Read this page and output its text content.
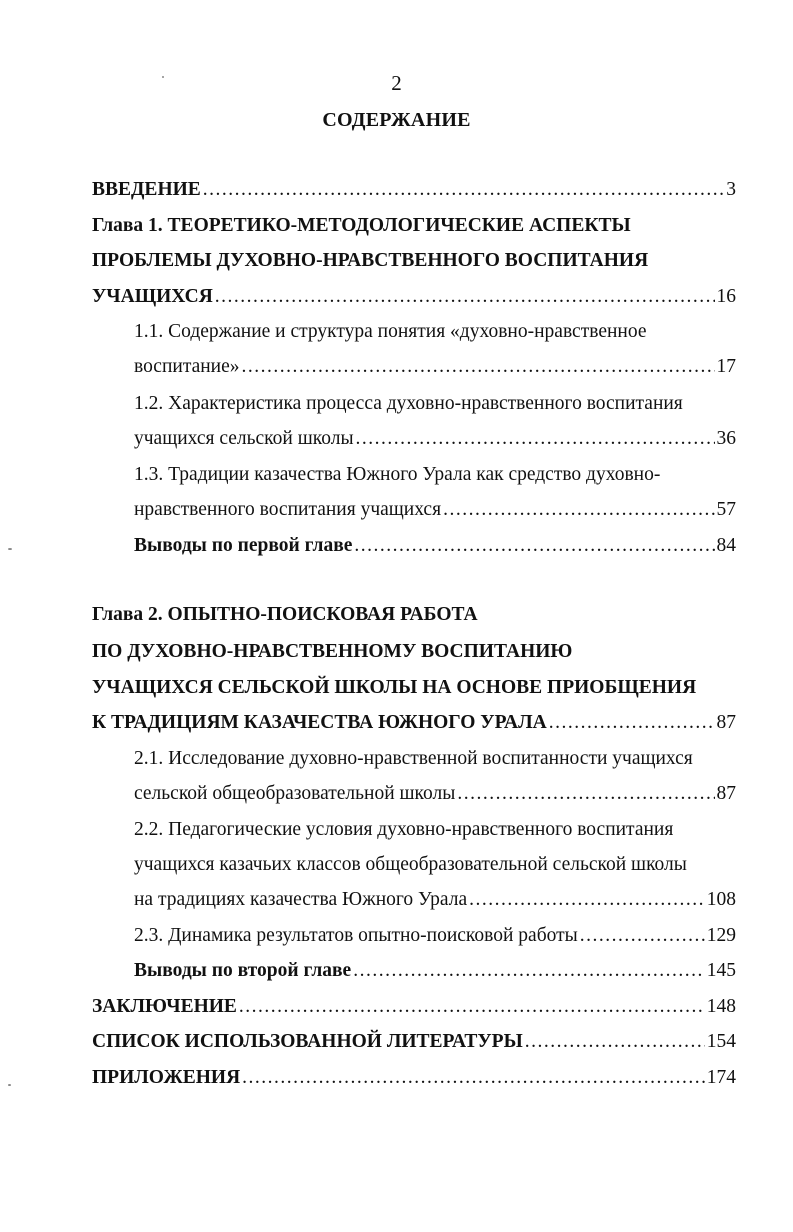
2
СОДЕРЖАНИЕ
ВВЕДЕНИЕ .....	3
Глава 1. ТЕОРЕТИКО-МЕТОДОЛОГИЧЕСКИЕ АСПЕКТЫ
ПРОБЛЕМЫ ДУХОВНО-НРАВСТВЕННОГО ВОСПИТАНИЯ
УЧАЩИХСЯ .....	16
1.1. Содержание и структура понятия «духовно-нравственное
воспитание» .....	17
1.2. Характеристика процесса духовно-нравственного воспитания
учащихся сельской школы .....	36
1.3. Традиции казачества Южного Урала как средство духовно-
нравственного воспитания учащихся .....	57
Выводы по первой главе .....	84
Глава 2. ОПЫТНО-ПОИСКОВАЯ РАБОТА
ПО ДУХОВНО-НРАВСТВЕННОМУ ВОСПИТАНИЮ
УЧАЩИХСЯ СЕЛЬСКОЙ ШКОЛЫ НА ОСНОВЕ ПРИОБЩЕНИЯ
К ТРАДИЦИЯМ КАЗАЧЕСТВА ЮЖНОГО УРАЛА .....	87
2.1. Исследование духовно-нравственной воспитанности учащихся
сельской общеобразовательной школы .....	87
2.2. Педагогические условия духовно-нравственного воспитания
учащихся казачьих классов общеобразовательной сельской школы
на традициях казачества Южного Урала .....	108
2.3. Динамика результатов опытно-поисковой работы .....	129
Выводы по второй главе .....	145
ЗАКЛЮЧЕНИЕ .....	148
СПИСОК ИСПОЛЬЗОВАННОЙ ЛИТЕРАТУРЫ .....	154
ПРИЛОЖЕНИЯ .....	174
